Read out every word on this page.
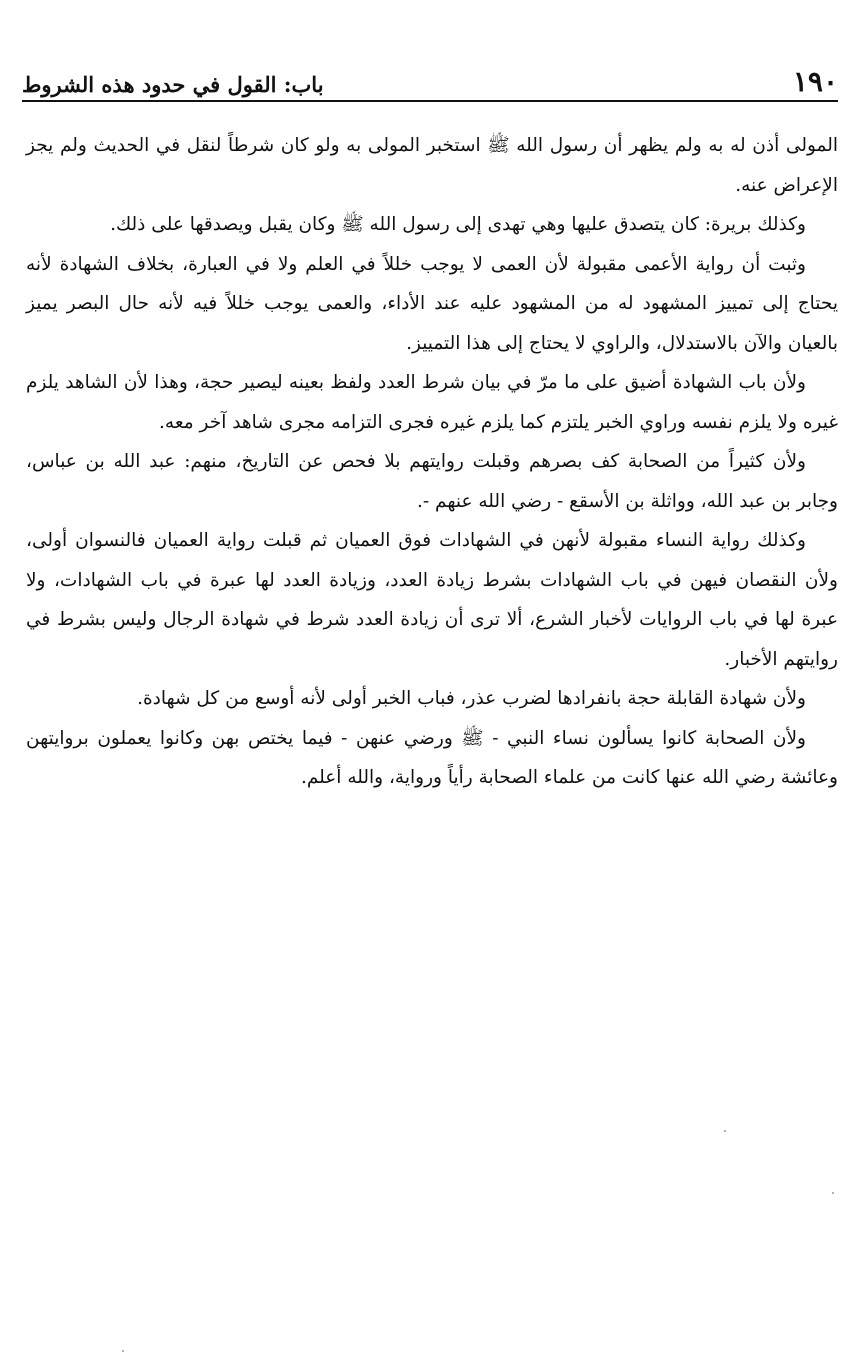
١٩٠
باب: القول في حدود هذه الشروط

المولى أذن له به ولم يظهر أن رسول الله ﷺ استخبر المولى به ولو كان شرطاً لنقل في الحديث ولم يجز الإعراض عنه.

وكذلك بريرة: كان يتصدق عليها وهي تهدى إلى رسول الله ﷺ وكان يقبل ويصدقها على ذلك.

وثبت أن رواية الأعمى مقبولة لأن العمى لا يوجب خللاً في العلم ولا في العبارة، بخلاف الشهادة لأنه يحتاج إلى تمييز المشهود له من المشهود عليه عند الأداء، والعمى يوجب خللاً فيه لأنه حال البصر يميز بالعيان والآن بالاستدلال، والراوي لا يحتاج إلى هذا التمييز.

ولأن باب الشهادة أضيق على ما مرّ في بيان شرط العدد ولفظ بعينه ليصير حجة، وهذا لأن الشاهد يلزم غيره ولا يلزم نفسه وراوي الخبر يلتزم كما يلزم غيره فجرى التزامه مجرى شاهد آخر معه.

ولأن كثيراً من الصحابة كف بصرهم وقبلت روايتهم بلا فحص عن التاريخ، منهم: عبد الله بن عباس، وجابر بن عبد الله، وواثلة بن الأسقع - رضي الله عنهم -.

وكذلك رواية النساء مقبولة لأنهن في الشهادات فوق العميان ثم قبلت رواية العميان فالنسوان أولى، ولأن النقصان فيهن في باب الشهادات بشرط زيادة العدد، وزيادة العدد لها عبرة في باب الشهادات، ولا عبرة لها في باب الروايات لأخبار الشرع، ألا ترى أن زيادة العدد شرط في شهادة الرجال وليس بشرط في روايتهم الأخبار.

ولأن شهادة القابلة حجة بانفرادها لضرب عذر، فباب الخبر أولى لأنه أوسع من كل شهادة.

ولأن الصحابة كانوا يسألون نساء النبي - ﷺ ورضي عنهن - فيما يختص بهن وكانوا يعملون بروايتهن وعائشة رضي الله عنها كانت من علماء الصحابة رأياً ورواية، والله أعلم.
